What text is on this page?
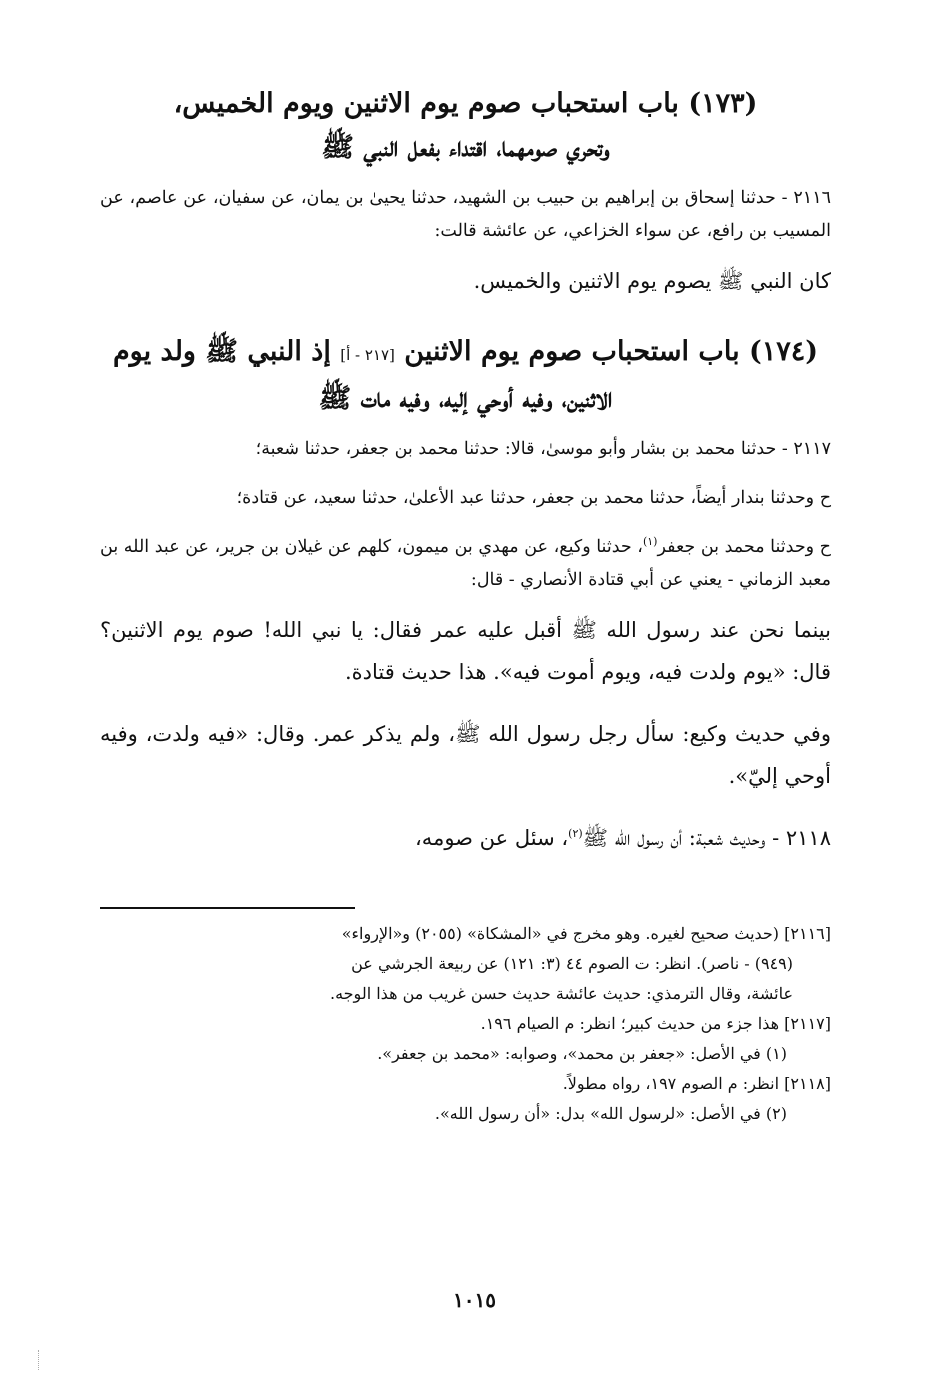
(١٧٣) باب استحباب صوم يوم الاثنين ويوم الخميس،
وتحري صومهما، اقتداء بفعل النبي ﷺ

٢١١٦ - حدثنا إسحاق بن إبراهيم بن حبيب بن الشهيد، حدثنا يحيىٰ بن يمان، عن سفيان، عن عاصم، عن المسيب بن رافع، عن سواء الخزاعي، عن عائشة قالت:

كان النبي ﷺ يصوم يوم الاثنين والخميس.

(١٧٤) باب استحباب صوم يوم الاثنين [٢١٧ - أ] إذ النبي ﷺ ولد يوم
الاثنين، وفيه أوحي إليه، وفيه مات ﷺ

٢١١٧ - حدثنا محمد بن بشار وأبو موسىٰ، قالا: حدثنا محمد بن جعفر، حدثنا شعبة؛

ح وحدثنا بندار أيضاً، حدثنا محمد بن جعفر، حدثنا عبد الأعلىٰ، حدثنا سعيد، عن قتادة؛

ح وحدثنا محمد بن جعفر$^{(١)}$، حدثنا وكيع، عن مهدي بن ميمون، كلهم عن غيلان بن جرير، عن عبد الله بن معبد الزماني - يعني عن أبي قتادة الأنصاري - قال:

بينما نحن عند رسول الله ﷺ أقبل عليه عمر فقال: يا نبي الله! صوم يوم الاثنين؟ قال: «يوم ولدت فيه، ويوم أموت فيه». هذا حديث قتادة.

وفي حديث وكيع: سأل رجل رسول الله ﷺ، ولم يذكر عمر. وقال: «فيه ولدت، وفيه أوحي إليّ».

٢١١٨ - وحديث شعبة: أن رسول الله ﷺ$^{(٢)}$، سئل عن صومه،

[٢١١٦] (حديث صحيح لغيره. وهو مخرج في «المشكاة» (٢٠٥٥) و«الإرواء»

(٩٤٩) - ناصر). انظر: ت الصوم ٤٤ (٣: ١٢١) عن ربيعة الجرشي عن

عائشة، وقال الترمذي: حديث عائشة حديث حسن غريب من هذا الوجه.

[٢١١٧] هذا جزء من حديث كبير؛ انظر: م الصيام ١٩٦.

(١) في الأصل: «جعفر بن محمد»، وصوابه: «محمد بن جعفر».

[٢١١٨] انظر: م الصوم ١٩٧، رواه مطولاً.

(٢) في الأصل: «لرسول الله» بدل: «أن رسول الله».

١٠١٥
